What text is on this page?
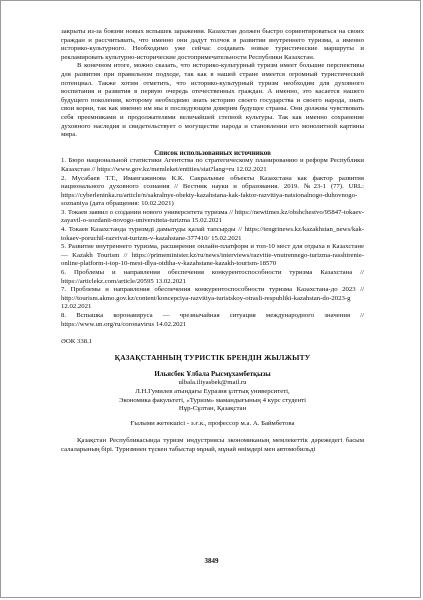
закрыты из-за боязни новых вспышек заражения. Казахстан должен быстро сориентироваться на своих граждан и рассчитывать, что именно они дадут толчок в развитии внутреннего туризма, а именно историко-культурного. Необходимо уже сейчас создавать новые туристические маршруты и рекламировать культурно-исторические достопримечательности Республики Казахстан.

В конечном итоге, можно сказать, что историко-культурный туризм имеет большие перспективы для развития при правильном подходе, так как в нашей стране имеется огромный туристический потенциал. Также хотим отметить, что историко-культурный туризм необходим для духовного воспитания и развития в первую очередь отечественных граждан. А именно, это касается нашего будущего поколения, которому необходимо знать историю своего государства и своего народа, знать свои корни, так как именно им мы в последующем доверим будущее страны. Они должны чувствовать себя преемниками и продолжателями величайшей степной культуры. Так как именно сохранение духовного наследия и свидетельствует о могуществе народа и становлении его монолитной картины мира.

Список использованных источников
1. Бюро национальной статистики Агентства по стратегическому планированию и реформ Республики Казахстан // https://www.gov.kz/memleket/entities/stat?lang=ru 12.02.2021
2. Мусабаев Т.Т., Имангажинова К.К. Сакральные объекты Казахстана как фактор развития национального духовного сознания // Вестник науки и образования. 2019. №23-1 (77). URL: https://cyberleninka.ru/article/n/sakralnye-obekty-kazahstana-kak-faktor-razvitiya-natsionalnogo-duhovnogo-soznaniya (дата обращения: 10.02.2021)
3. Токаев заявил о создании нового университета туризма // https://newtimes.kz/obshchestvo/95847-tokaev-zayavil-o-sozdanii-novogo-universiteta-turizma 15.02.2021
4. Токаев Казахстанда туризмді дамытуды қалай тапсырды // https://tengrinews.kz/kazakhstan_news/kak-tokaev-poruchil-razvivat-turizm-v-kazahstane-377410/ 15.02.2021
5. Развитие внутреннего туризма, расширение онлайн-платформ и топ-10 мест для отдыха в Казахстане — Kazakh Tourism // https://primeminister.kz/ru/news/interviews/razvitie-vnutrennego-turizma-rasshirenie-online-platform-i-top-10-mest-dlya-otdiha-v-kazahstane-kazakh-tourism-18570
6. Проблемы и направления обеспечения конкурентоспособности туризма Казахстана // https://articlekz.com/article/20595 13.02.2021
7. Проблемы и направления обеспечения конкурентоспособности туризма Казахстана-до 2023 // http://tourism.akmo.gov.kz/content/koncepciya-razvitiya-turistskoy-otrasli-respubliki-kazahstan-do-2023-g 12.02.2021
8. Вспышка коронавируса — чрезвычайная ситуация международного значения // https://www.un.org/ru/coronavirus 14.02.2021
ӘОК 338.1
ҚАЗАҚСТАННЫҢ ТУРИСТІК БРЕНДІН ЖЫЛЖЫТУ
Ильясбек Ұлбала Рысмұхамбетқызы
ulbala.iliyasbek@mail.ru
Л.Н.Гумилев атындағы Еуразия ұлттық университеті,
Экономика факультеті, «Туризм» мамандығының 4 курс студенті
Нұр-Сұлтан, Қазақстан
Ғылыми жетекшісі - э.ғ.к., профессор м.а. А. Баймбетова

Қазақстан Республикасында туризм индустриясы экономиканың мемлекеттік дәрежедегі басым салаларының бірі. Туризмнен түскен табыстар мұнай, мұнай өнімдері мен автомобильді

3849
